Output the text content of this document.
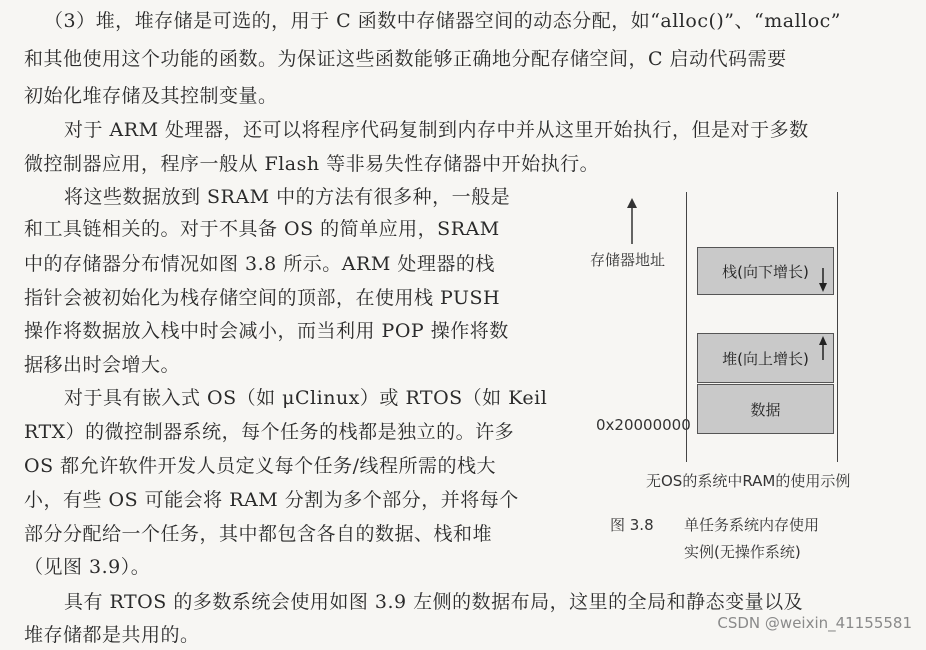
（3）堆，堆存储是可选的，用于 C 函数中存储器空间的动态分配，如“alloc()”、“malloc”
和其他使用这个功能的函数。为保证这些函数能够正确地分配存储空间，C 启动代码需要
初始化堆存储及其控制变量。
对于 ARM 处理器，还可以将程序代码复制到内存中并从这里开始执行，但是对于多数
微控制器应用，程序一般从 Flash 等非易失性存储器中开始执行。
将这些数据放到 SRAM 中的方法有很多种，一般是
和工具链相关的。对于不具备 OS 的简单应用，SRAM
中的存储器分布情况如图 3.8 所示。ARM 处理器的栈
指针会被初始化为栈存储空间的顶部，在使用栈 PUSH
操作将数据放入栈中时会减小，而当利用 POP 操作将数
据移出时会增大。
对于具有嵌入式 OS（如 μClinux）或 RTOS（如 Keil
RTX）的微控制器系统，每个任务的栈都是独立的。许多
OS 都允许软件开发人员定义每个任务/线程所需的栈大
小，有些 OS 可能会将 RAM 分割为多个部分，并将每个
部分分配给一个任务，其中都包含各自的数据、栈和堆
（见图 3.9）。
具有 RTOS 的多数系统会使用如图 3.9 左侧的数据布局，这里的全局和静态变量以及
堆存储都是共用的。
存储器地址
0x20000000
栈(向下增长)
堆(向上增长)
数据
无OS的系统中RAM的使用示例
图 3.8 单任务系统内存使用
实例(无操作系统)
CSDN @weixin_41155581
